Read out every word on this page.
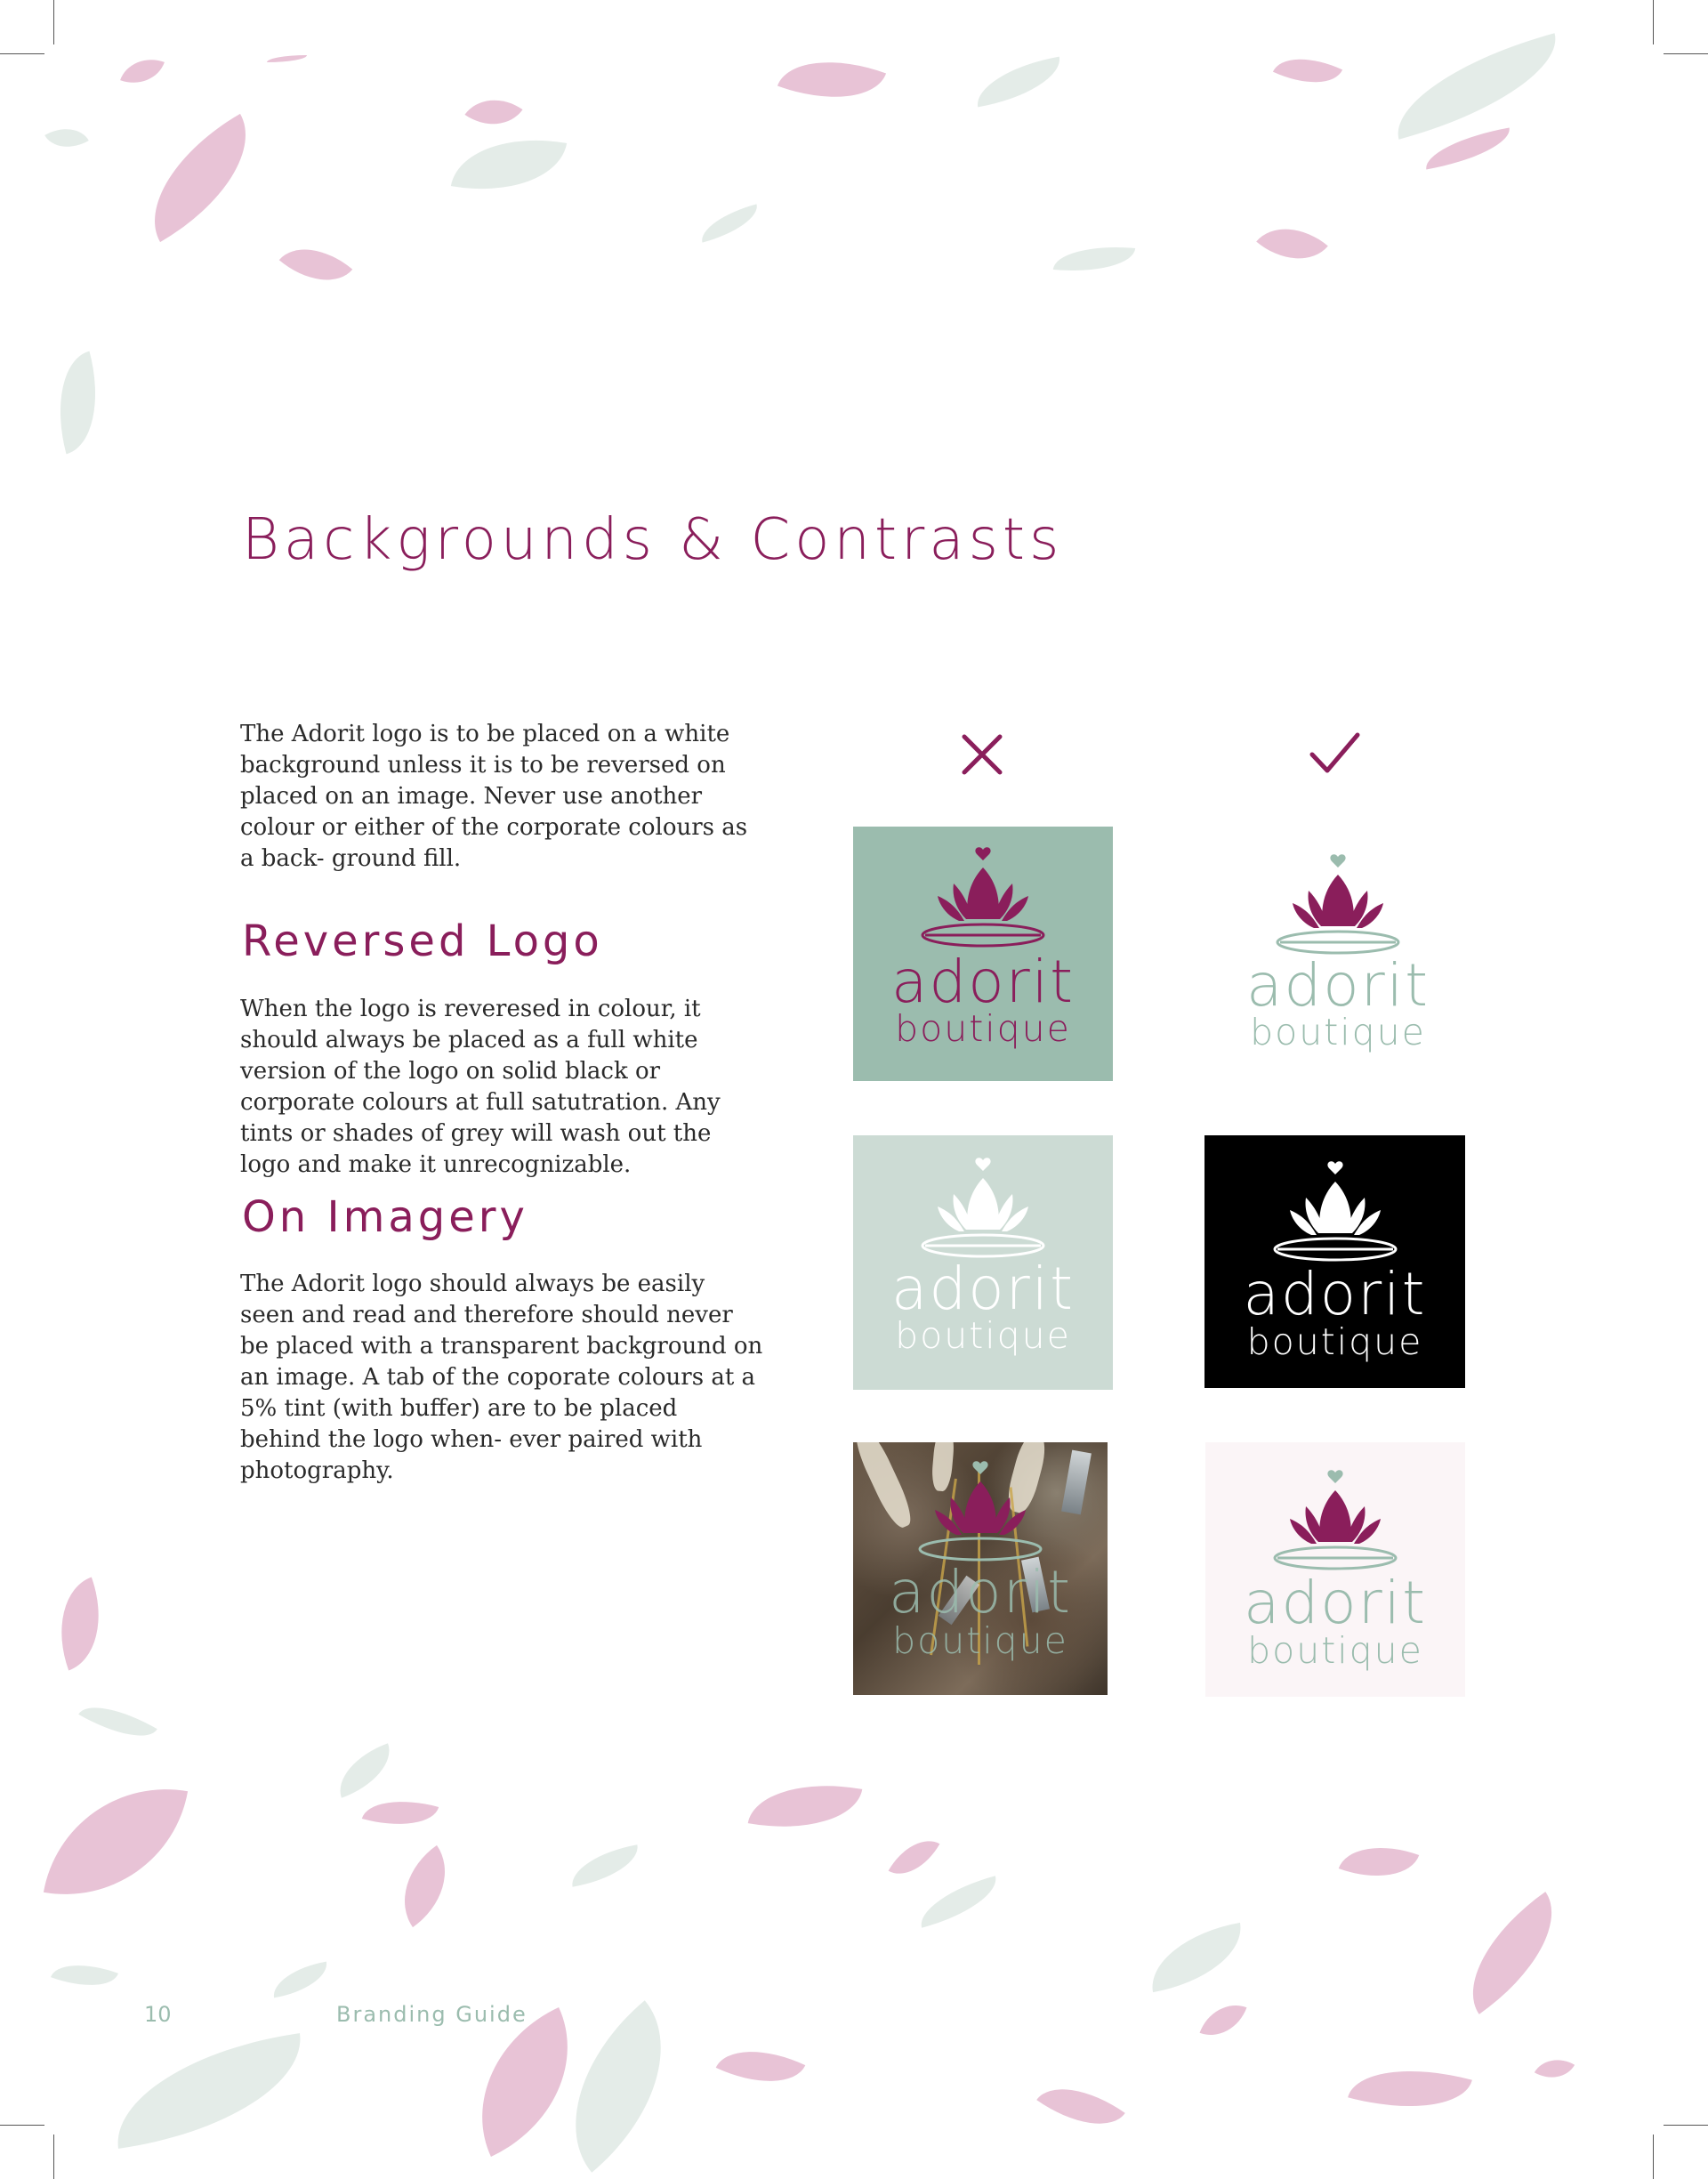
Backgrounds & Contrasts

The Adorit logo is to be placed on a white background unless it is to be reversed on placed on an image. Never use another colour or either of the corporate colours as a back- ground fill.

Reversed Logo

When the logo is reveresed in colour, it should always be placed as a full white version of the logo on solid black or corporate colours at full satutration. Any tints or shades of grey will wash out the logo and make it unrecognizable.

On Imagery

The Adorit logo should always be easily seen and read and therefore should never be placed with a transparent background on an image. A tab of the coporate colours at a 5% tint (with buffer) are to be placed behind the logo when- ever paired with photography.

adorit
boutique
adorit
boutique
adorit
boutique
adorit
boutique
adorit
boutique
adorit
boutique
10	Branding Guide
